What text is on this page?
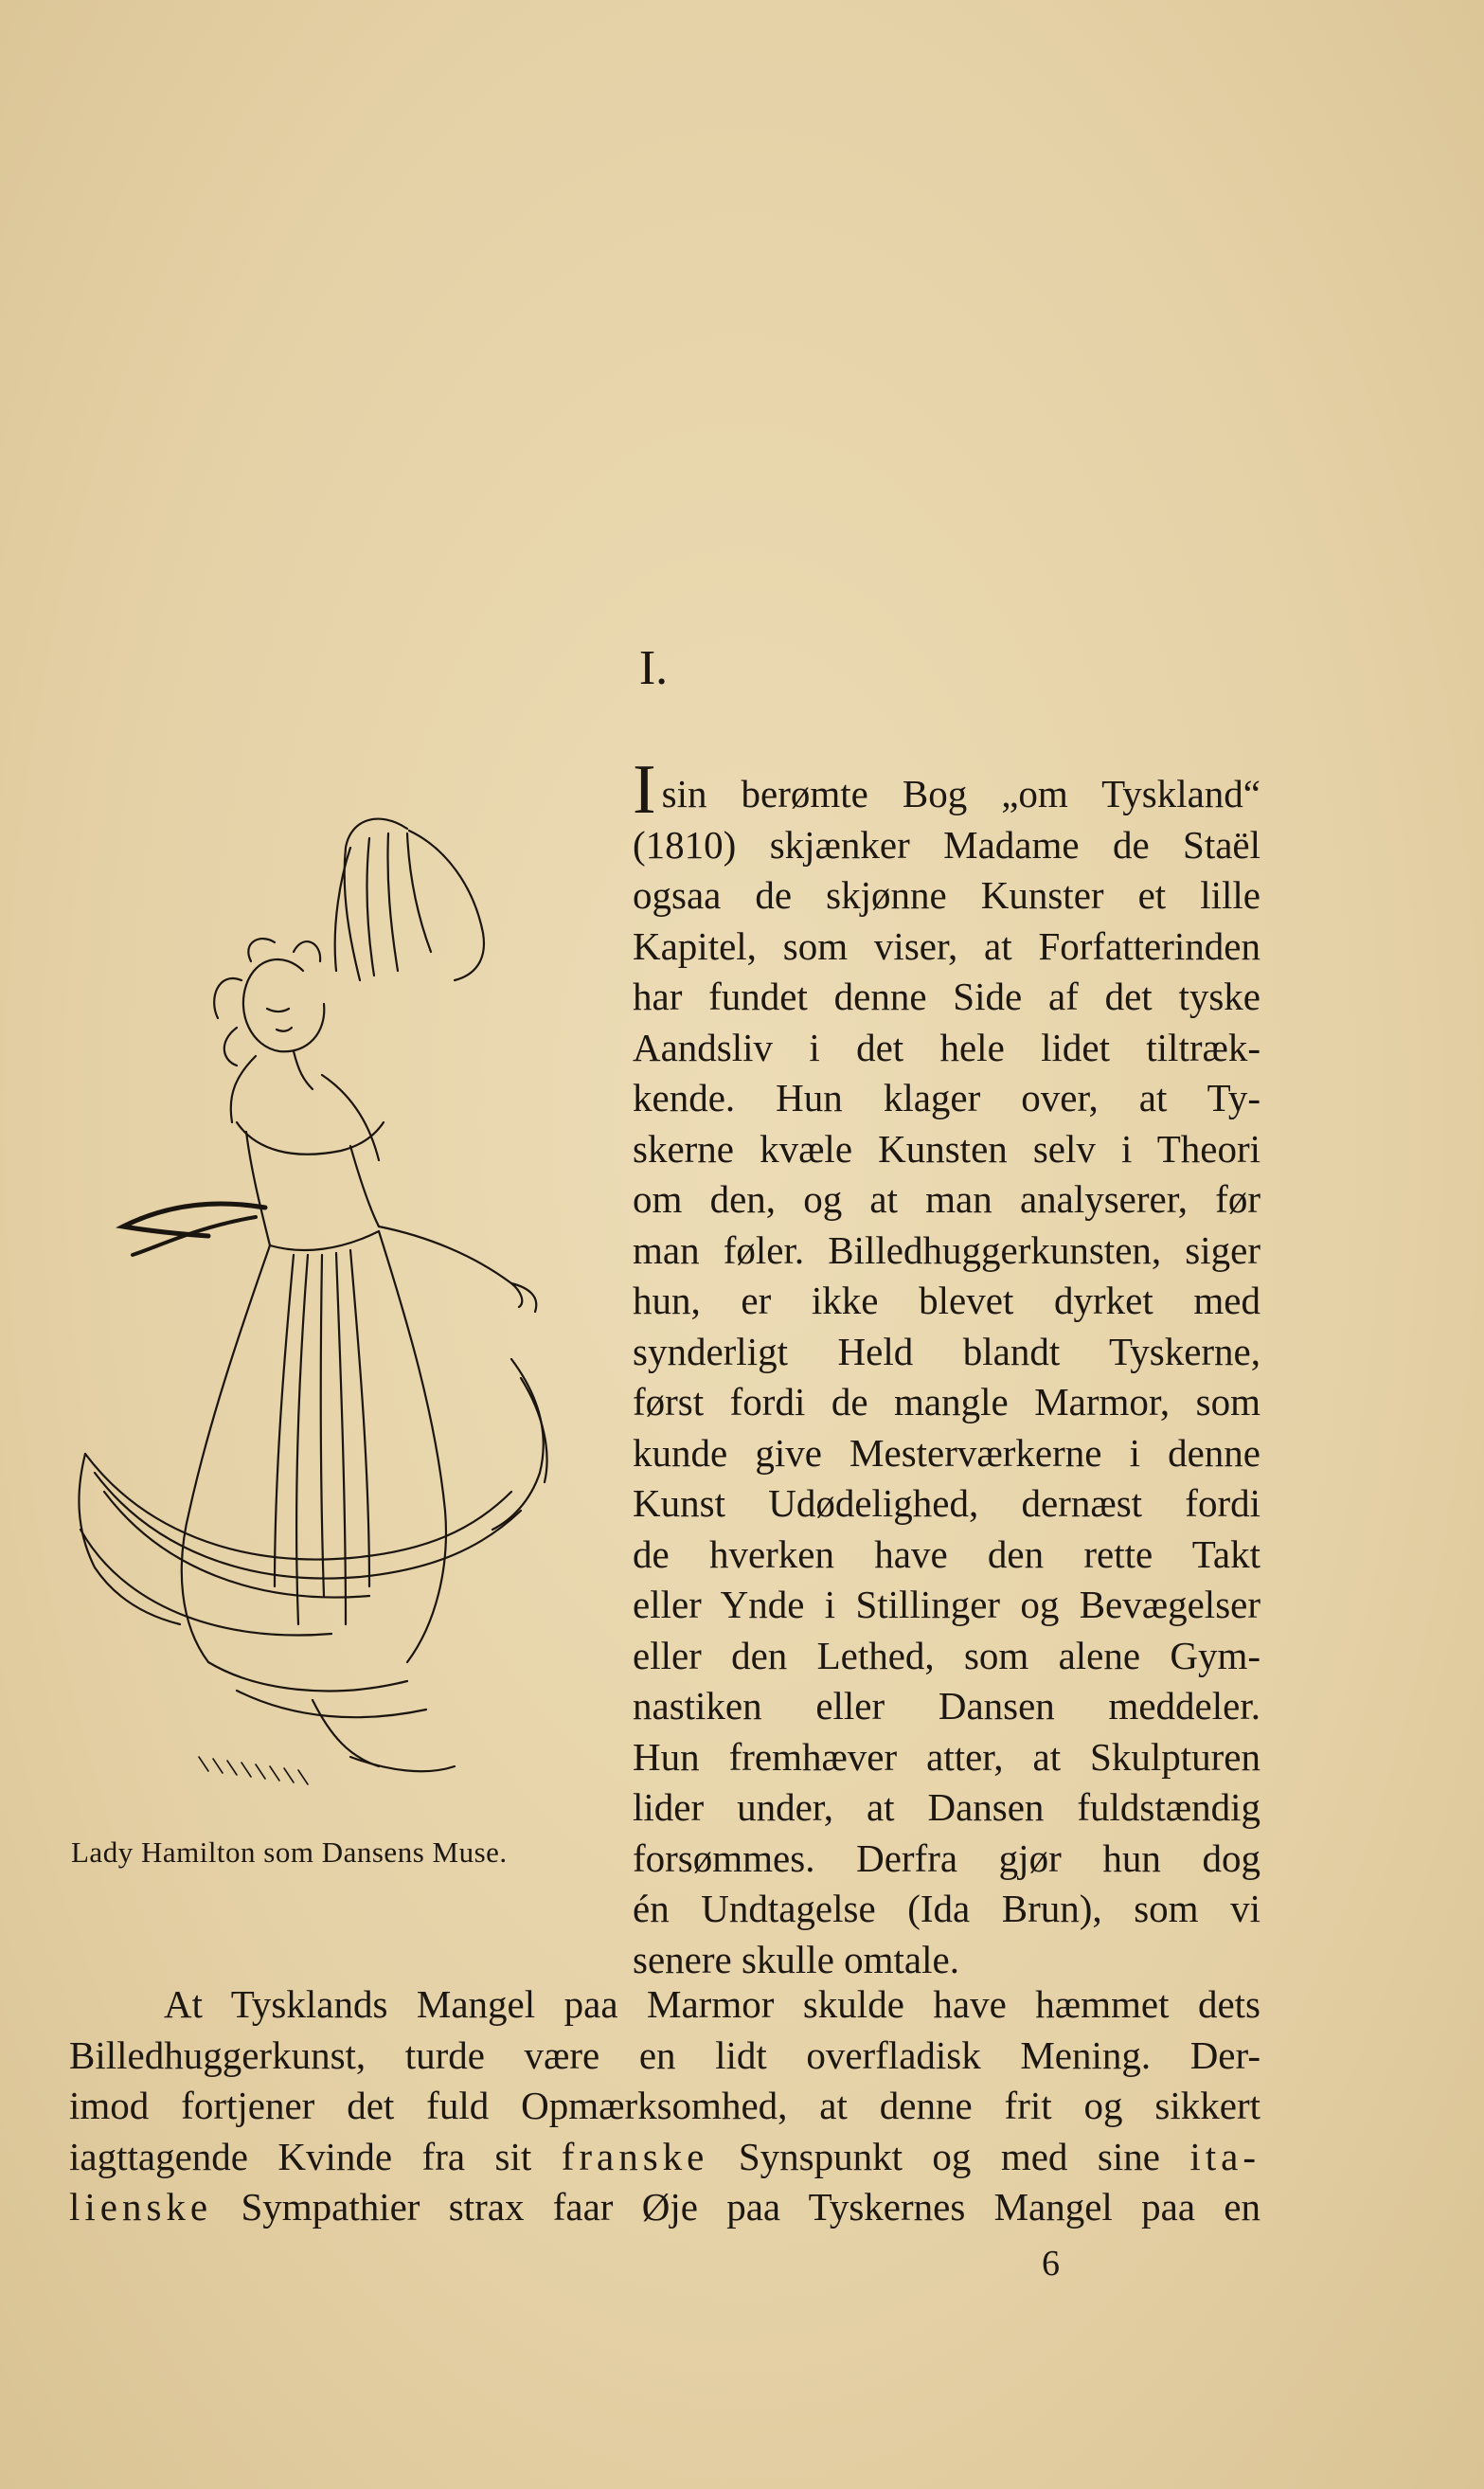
I.
Lady Hamilton som Dansens Muse.
Isin berømte Bog „om Tyskland“
(1810) skjænker Madame de Staël
ogsaa de skjønne Kunster et lille
Kapitel, som viser, at Forfatterinden
har fundet denne Side af det tyske
Aandsliv i det hele lidet tiltræk-
kende. Hun klager over, at Ty-
skerne kvæle Kunsten selv i Theori
om den, og at man analyserer, før
man føler. Billedhuggerkunsten, siger
hun, er ikke blevet dyrket med
synderligt Held blandt Tyskerne,
først fordi de mangle Marmor, som
kunde give Mesterværkerne i denne
Kunst Udødelighed, dernæst fordi
de hverken have den rette Takt
eller Ynde i Stillinger og Bevægelser
eller den Lethed, som alene Gym-
nastiken eller Dansen meddeler.
Hun fremhæver atter, at Skulpturen
lider under, at Dansen fuldstændig
forsømmes. Derfra gjør hun dog
én Undtagelse (Ida Brun), som vi
senere skulle omtale.
At Tysklands Mangel paa Marmor skulde have hæmmet dets
Billedhuggerkunst, turde være en lidt overfladisk Mening. Der-
imod fortjener det fuld Opmærksomhed, at denne frit og sikkert
iagttagende Kvinde fra sit franske Synspunkt og med sine ita-
lienske Sympathier strax faar Øje paa Tyskernes Mangel paa en
6
